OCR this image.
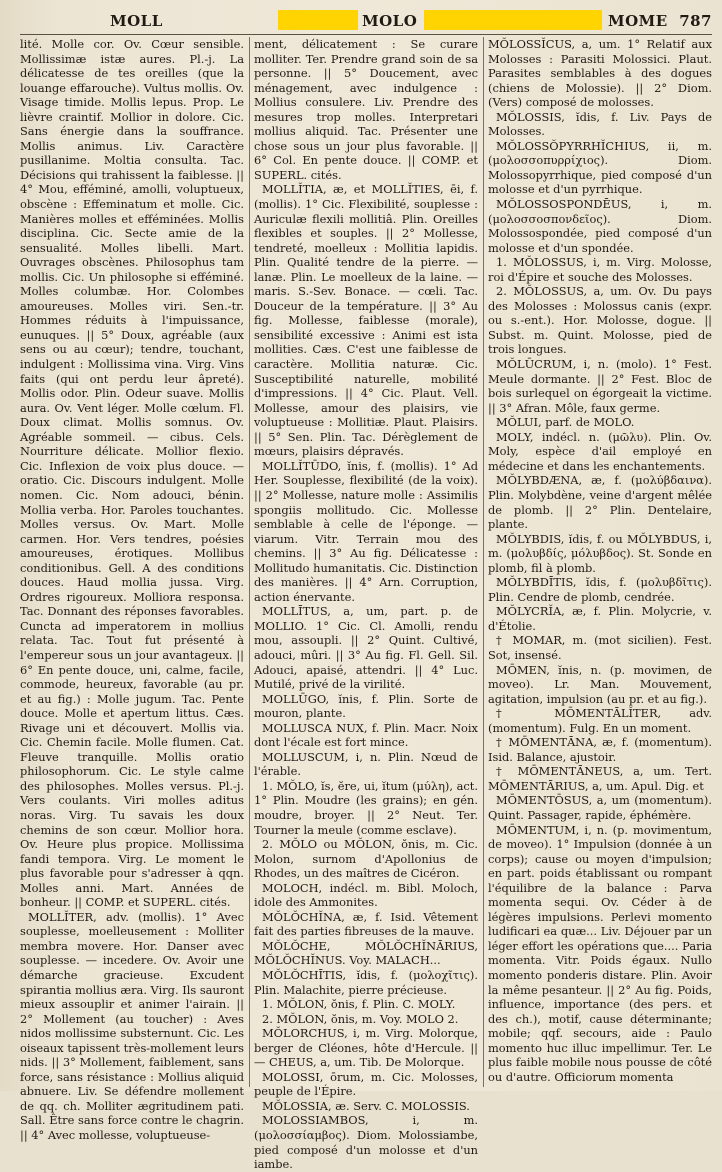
MOLL	MOLO	MOME 787

lité. Molle cor. Ov. Cœur sensible. Mollissimæ istæ aures. Pl.-j. La délicatesse de tes oreilles (que la louange effarouche). Vultus mollis. Ov. Visage timide. Mollis lepus. Prop. Le lièvre craintif. Mollior in dolore. Cic. Sans énergie dans la souffrance. Mollis animus. Liv. Caractère pusillanime. Moltia consulta. Tac. Décisions qui trahissent la faiblesse. || 4° Mou, efféminé, amolli, voluptueux, obscène : Effeminatum et molle. Cic. Manières molles et efféminées. Mollis disciplina. Cic. Secte amie de la sensualité. Molles libelli. Mart. Ouvrages obscènes. Philosophus tam mollis. Cic. Un philosophe si efféminé. Molles columbæ. Hor. Colombes amoureuses. Molles viri. Sen.-tr. Hommes réduits à l'impuissance, eunuques. || 5° Doux, agréable (aux sens ou au cœur); tendre, touchant, indulgent : Mollissima vina. Virg. Vins faits (qui ont perdu leur âpreté). Mollis odor. Plin. Odeur suave. Mollis aura. Ov. Vent léger. Molle cœlum. Fl. Doux climat. Mollis somnus. Ov. Agréable sommeil. — cibus. Cels. Nourriture délicate. Mollior flexio. Cic. Inflexion de voix plus douce. — oratio. Cic. Discours indulgent. Molle nomen. Cic. Nom adouci, bénin. Mollia verba. Hor. Paroles touchantes. Molles versus. Ov. Mart. Molle carmen. Hor. Vers tendres, poésies amoureuses, érotiques. Mollibus conditionibus. Gell. A des conditions douces. Haud mollia jussa. Virg. Ordres rigoureux. Molliora responsa. Tac. Donnant des réponses favorables. Cuncta ad imperatorem in mollius relata. Tac. Tout fut présenté à l'empereur sous un jour avantageux. || 6° En pente douce, uni, calme, facile, commode, heureux, favorable (au pr. et au fig.) : Molle jugum. Tac. Pente douce. Molle et apertum littus. Cæs. Rivage uni et découvert. Mollis via. Cic. Chemin facile. Molle flumen. Cat. Fleuve tranquille. Mollis oratio philosophorum. Cic. Le style calme des philosophes. Molles versus. Pl.-j. Vers coulants. Viri molles aditus noras. Virg. Tu savais les doux chemins de son cœur. Mollior hora. Ov. Heure plus propice. Mollissima fandi tempora. Virg. Le moment le plus favorable pour s'adresser à qqn. Molles anni. Mart. Années de bonheur. || COMP. et SUPERL. cités.

MOLLĬTER, adv. (mollis). 1° Avec souplesse, moelleusement : Molliter membra movere. Hor. Danser avec souplesse. — incedere. Ov. Avoir une démarche gracieuse. Excudent spirantia mollius æra. Virg. Ils sauront mieux assouplir et animer l'airain. || 2° Mollement (au toucher) : Aves nidos mollissime substernunt. Cic. Les oiseaux tapissent très-mollement leurs nids. || 3° Mollement, faiblement, sans force, sans résistance : Mollius aliquid abnuere. Liv. Se défendre mollement de qq. ch. Molliter ægritudinem pati. Sall. Être sans force contre le chagrin. || 4° Avec mollesse, voluptueuse-

ment, délicatement : Se curare molliter. Ter. Prendre grand soin de sa personne. || 5° Doucement, avec ménagement, avec indulgence : Mollius consulere. Liv. Prendre des mesures trop molles. Interpretari mollius aliquid. Tac. Présenter une chose sous un jour plus favorable. || 6° Col. En pente douce. || COMP. et SUPERL. cités.

MOLLĬTIA, æ, et MOLLĬTIES, ēi, f. (mollis). 1° Cic. Flexibilité, souplesse : Auriculæ flexili mollitiâ. Plin. Oreilles flexibles et souples. || 2° Mollesse, tendreté, moelleux : Mollitia lapidis. Plin. Qualité tendre de la pierre. — lanæ. Plin. Le moelleux de la laine. — maris. S.-Sev. Bonace. — cœli. Tac. Douceur de la température. || 3° Au fig. Mollesse, faiblesse (morale), sensibilité excessive : Animi est ista mollities. Cæs. C'est une faiblesse de caractère. Mollitia naturæ. Cic. Susceptibilité naturelle, mobilité d'impressions. || 4° Cic. Plaut. Vell. Mollesse, amour des plaisirs, vie voluptueuse : Mollitiæ. Plaut. Plaisirs. || 5° Sen. Plin. Tac. Dérèglement de mœurs, plaisirs dépravés.

MOLLĬTŪDO, ĭnis, f. (mollis). 1° Ad Her. Souplesse, flexibilité (de la voix). || 2° Mollesse, nature molle : Assimilis spongiis mollitudo. Cic. Mollesse semblable à celle de l'éponge. — viarum. Vitr. Terrain mou des chemins. || 3° Au fig. Délicatesse : Mollitudo humanitatis. Cic. Distinction des manières. || 4° Arn. Corruption, action énervante.

MOLLĪTUS, a, um, part. p. de MOLLIO. 1° Cic. Cl. Amolli, rendu mou, assoupli. || 2° Quint. Cultivé, adouci, mûri. || 3° Au fig. Fl. Gell. Sil. Adouci, apaisé, attendri. || 4° Luc. Mutilé, privé de la virilité.

MOLLŪGO, ĭnis, f. Plin. Sorte de mouron, plante.

MOLLUSCA NUX, f. Plin. Macr. Noix dont l'écale est fort mince.

MOLLUSCUM, i, n. Plin. Nœud de l'érable.

1. MŎLO, ĭs, ĕre, ui, ĭtum (μύλη), act. 1° Plin. Moudre (les grains); en gén. moudre, broyer. || 2° Neut. Ter. Tourner la meule (comme esclave).

2. MŎLO ou MŎLON, ŏnis, m. Cic. Molon, surnom d'Apollonius de Rhodes, un des maîtres de Cicéron.

MOLOCH, indécl. m. Bibl. Moloch, idole des Ammonites.

MŎLŎCHĬNA, æ, f. Isid. Vêtement fait des parties fibreuses de la mauve.

MŎLŎCHE, MŎLŎCHĬNĀRIUS, MŎLŎCHĬNUS. Voy. MALACH...

MŎLŎCHĪTIS, ĭdis, f. (μολοχῖτις). Plin. Malachite, pierre précieuse.

1. MŎLON, ŏnis, f. Plin. C. MOLY.

2. MŎLON, ŏnis, m. Voy. MOLO 2.

MŎLORCHUS, i, m. Virg. Molorque, berger de Cléones, hôte d'Hercule. || — CHEUS, a, um. Tib. De Molorque.

MOLOSSI, ōrum, m. Cic. Molosses, peuple de l'Épire.

MŎLOSSIA, æ. Serv. C. MOLOSSIS.

MOLOSSIAMBOS, i, m. (μολοσσίαμβος). Diom. Molossiambe, pied composé d'un molosse et d'un iambe.

MŎLOSSĬCUS, a, um. 1° Relatif aux Molosses : Parasiti Molossici. Plaut. Parasites semblables à des dogues (chiens de Molossie). || 2° Diom. (Vers) composé de molosses.

MŎLOSSIS, ĭdis, f. Liv. Pays de Molosses.

MŎLOSSŎPYRRHĬCHIUS, ii, m. (μολοσσοπυρρίχιος). Diom. Molossopyrrhique, pied composé d'un molosse et d'un pyrrhique.

MŎLOSSOSPONDĒUS, i, m. (μολοσσοσπονδεῖος). Diom. Molossospondée, pied composé d'un molosse et d'un spondée.

1. MŎLOSSUS, i, m. Virg. Molosse, roi d'Épire et souche des Molosses.

2. MŎLOSSUS, a, um. Ov. Du pays des Molosses : Molossus canis (expr. ou s.-ent.). Hor. Molosse, dogue. || Subst. m. Quint. Molosse, pied de trois longues.

MŎLŪCRUM, i, n. (molo). 1° Fest. Meule dormante. || 2° Fest. Bloc de bois surlequel on égorgeait la victime. || 3° Afran. Môle, faux germe.

MŎLUI, parf. de MOLO.

MOLY, indécl. n. (μῶλυ). Plin. Ov. Moly, espèce d'ail employé en médecine et dans les enchantements.

MŎLYBDÆNA, æ, f. (μολύβδαινα). Plin. Molybdène, veine d'argent mêlée de plomb. || 2° Plin. Dentelaire, plante.

MŎLYBDIS, ĭdis, f. ou MŎLYBDUS, i, m. (μολυβδίς, μόλυβδος). St. Sonde en plomb, fil à plomb.

MŎLYBDĪTIS, ĭdis, f. (μολυβδῖτις). Plin. Cendre de plomb, cendrée.

MŎLYCRĬA, æ, f. Plin. Molycrie, v. d'Étolie.

† MOMAR, m. (mot sicilien). Fest. Sot, insensé.

MŌMEN, ĭnis, n. (p. movimen, de moveo). Lr. Man. Mouvement, agitation, impulsion (au pr. et au fig.).

† MŌMENTĀLĬTER, adv. (momentum). Fulg. En un moment.

† MŌMENTĀNA, æ, f. (momentum). Isid. Balance, ajustoir.

† MŌMENTĀNEUS, a, um. Tert. MŌMENTĀRIUS, a, um. Apul. Dig. et

MŌMENTŌSUS, a, um (momentum). Quint. Passager, rapide, éphémère.

MŌMENTUM, i, n. (p. movimentum, de moveo). 1° Impulsion (donnée à un corps); cause ou moyen d'impulsion; en part. poids établissant ou rompant l'équilibre de la balance : Parva momenta sequi. Ov. Céder à de légères impulsions. Perlevi momento ludificari ea quæ... Liv. Déjouer par un léger effort les opérations que.... Paria momenta. Vitr. Poids égaux. Nullo momento ponderis distare. Plin. Avoir la même pesanteur. || 2° Au fig. Poids, influence, importance (des pers. et des ch.), motif, cause déterminante; mobile; qqf. secours, aide : Paulo momento huc illuc impellimur. Ter. Le plus faible mobile nous pousse de côté ou d'autre. Officiorum momenta
